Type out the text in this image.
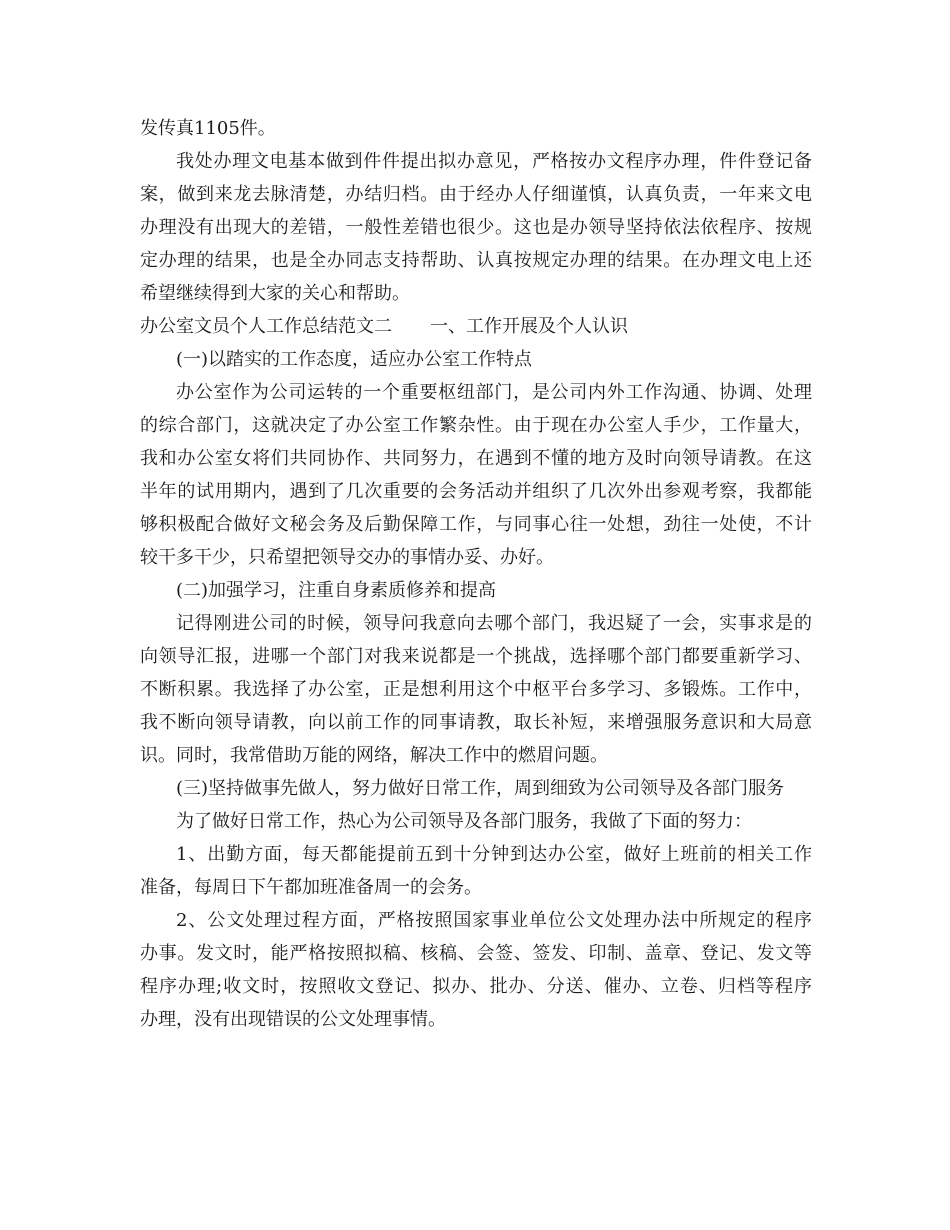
发传真1105件。

我处办理文电基本做到件件提出拟办意见，严格按办文程序办理，件件登记备

案，做到来龙去脉清楚，办结归档。由于经办人仔细谨慎，认真负责，一年来文电

办理没有出现大的差错，一般性差错也很少。这也是办领导坚持依法依程序、按规

定办理的结果，也是全办同志支持帮助、认真按规定办理的结果。在办理文电上还

希望继续得到大家的关心和帮助。

办公室文员个人工作总结范文二 一、工作开展及个人认识

(一)以踏实的工作态度，适应办公室工作特点

办公室作为公司运转的一个重要枢纽部门，是公司内外工作沟通、协调、处理

的综合部门，这就决定了办公室工作繁杂性。由于现在办公室人手少，工作量大，

我和办公室女将们共同协作、共同努力，在遇到不懂的地方及时向领导请教。在这

半年的试用期内，遇到了几次重要的会务活动并组织了几次外出参观考察，我都能

够积极配合做好文秘会务及后勤保障工作，与同事心往一处想，劲往一处使，不计

较干多干少，只希望把领导交办的事情办妥、办好。

(二)加强学习，注重自身素质修养和提高

记得刚进公司的时候，领导问我意向去哪个部门，我迟疑了一会，实事求是的

向领导汇报，进哪一个部门对我来说都是一个挑战，选择哪个部门都要重新学习、

不断积累。我选择了办公室，正是想利用这个中枢平台多学习、多锻炼。工作中，

我不断向领导请教，向以前工作的同事请教，取长补短，来增强服务意识和大局意

识。同时，我常借助万能的网络，解决工作中的燃眉问题。

(三)坚持做事先做人，努力做好日常工作，周到细致为公司领导及各部门服务

为了做好日常工作，热心为公司领导及各部门服务，我做了下面的努力：

1、出勤方面，每天都能提前五到十分钟到达办公室，做好上班前的相关工作

准备，每周日下午都加班准备周一的会务。

2、公文处理过程方面，严格按照国家事业单位公文处理办法中所规定的程序

办事。发文时，能严格按照拟稿、核稿、会签、签发、印制、盖章、登记、发文等

程序办理;收文时，按照收文登记、拟办、批办、分送、催办、立卷、归档等程序

办理，没有出现错误的公文处理事情。
